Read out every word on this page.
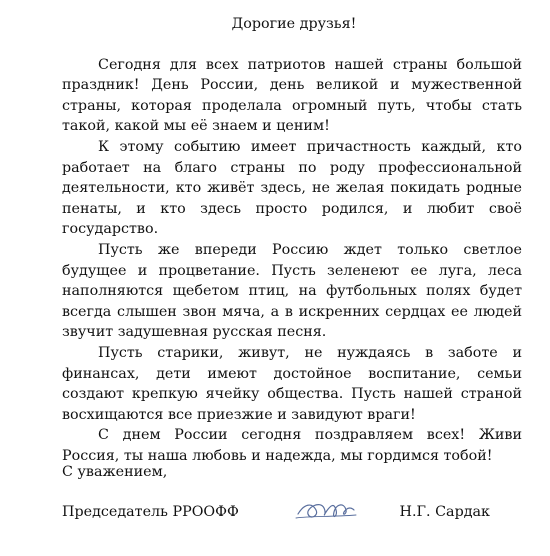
Дорогие друзья!

Сегодня для всех патриотов нашей страны большой праздник! День России, день великой и мужественной страны, которая проделала огромный путь, чтобы стать такой, какой мы её знаем и ценим!

К этому событию имеет причастность каждый, кто работает на благо страны по роду профессиональной деятельности, кто живёт здесь, не желая покидать родные пенаты, и кто здесь просто родился, и любит своё государство.

Пусть же впереди Россию ждет только светлое будущее и процветание. Пусть зеленеют ее луга, леса наполняются щебетом птиц, на футбольных полях будет всегда слышен звон мяча, а в искренних сердцах ее людей звучит задушевная русская песня.

Пусть старики, живут, не нуждаясь в заботе и финансах, дети имеют достойное воспитание, семьи создают крепкую ячейку общества. Пусть нашей страной восхищаются все приезжие и завидуют враги!

С днем России сегодня поздравляем всех! Живи Россия, ты наша любовь и надежда, мы гордимся тобой!

С уважением,
Председатель РРООФФ	Н.Г. Сардак
